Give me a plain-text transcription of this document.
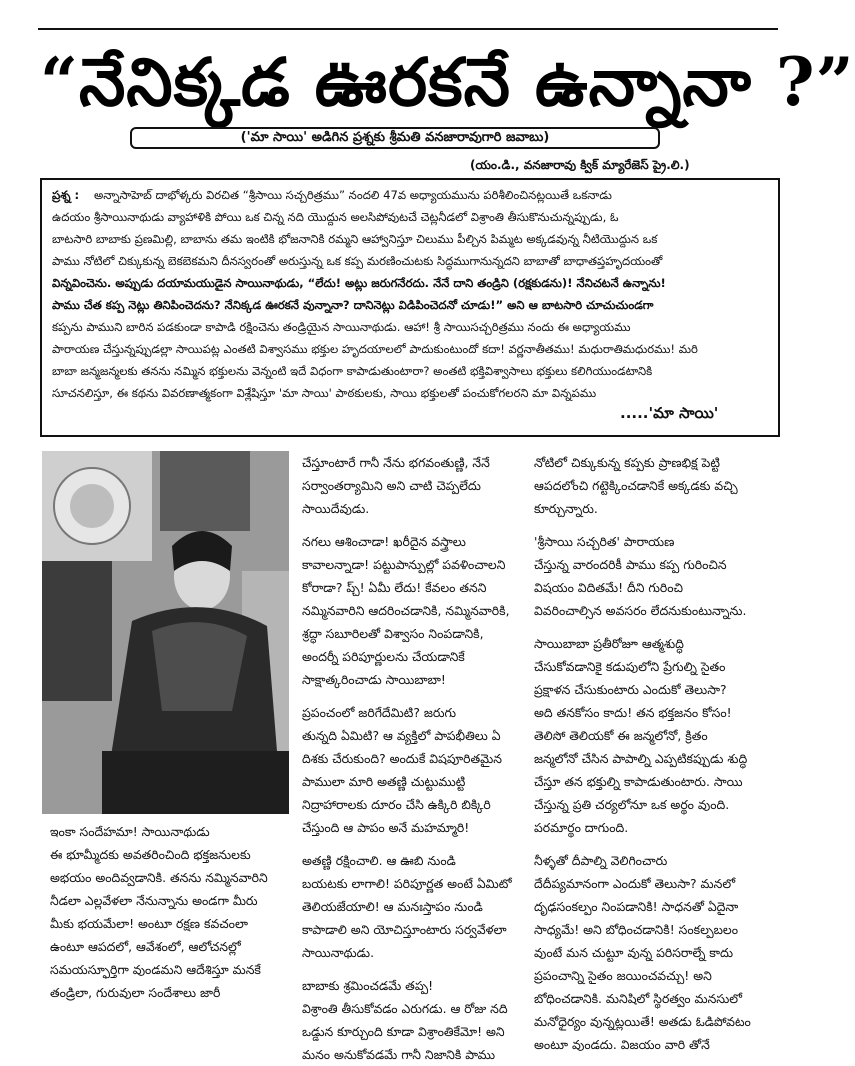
“నేనిక్కడ ఊరకనే ఉన్నానా ?”
('మా సాయి' అడిగిన ప్రశ్నకు శ్రీమతి వనజారావుగారి జవాబు)
(యం.డి., వనజారావు క్విక్ మ్యారేజెస్ ప్రై.లి.)
ప్రశ్న : అన్నాసాహెబ్ దాభోళ్కరు విరచిత “శ్రీసాయి సచ్చరిత్రము” నందలి 47వ అధ్యాయమును పరిశీలించినట్లయితే ఒకనాడు
ఉదయం శ్రీసాయినాథుడు వ్యాహాళికి పోయి ఒక చిన్న నది యొద్దున అలసిపోవుటచే చెట్లనీడలో విశ్రాంతి తీసుకొనుచున్నప్పుడు, ఓ
బాటసారి బాబాకు ప్రణమిల్లి, బాబాను తమ ఇంటికి భోజనానికి రమ్మని ఆహ్వానిస్తూ చిలుము పీల్చిన పిమ్మట అక్కడవున్న నీటియొద్దున ఒక
పాము నోటిలో చిక్కుకున్న బెకబెకమని దీనస్వరంతో అరుస్తున్న ఒక కప్ప మరణించుటకు సిద్ధముగానున్నదని బాబాతో బాధాతప్తహృదయంతో
విన్నవించెను. అప్పుడు దయామయుడైన సాయినాథుడు, “లేదు! అట్లు జరుగనేరదు. నేనే దాని తండ్రిని (రక్షకుడను)! నేనిచటనే ఉన్నాను!
పాము చేత కప్ప నెట్లు తినిపించెదను? నేనిక్కడ ఊరకనే వున్నానా? దానినెట్లు విడిపించెదనో చూడు!” అని ఆ బాటసారి చూచుచుండగా
కప్పను పాముని బారిన పడకుండా కాపాడి రక్షించెను తండ్రియైన సాయినాథుడు. ఆహా! శ్రీ సాయిసచ్చరిత్రము నందు ఈ అధ్యాయము
పారాయణ చేస్తున్నప్పుడల్లా సాయిపట్ల ఎంతటి విశ్వాసము భక్తుల హృదయాలలో పాదుకుంటుందో కదా! వర్ణనాతీతము! మధురాతిమధురము! మరి
బాబా జన్మజన్మలకు తనను నమ్మిన భక్తులను వెన్నంటి ఇదే విధంగా కాపాడుతుంటారా? అంతటి భక్తివిశ్వాసాలు భక్తులు కలిగియుండటానికి
సూచనలిస్తూ, ఈ కథను వివరణాత్మకంగా విశ్లేషిస్తూ 'మా సాయి' పాఠకులకు, సాయి భక్తులతో పంచుకోగలరని మా విన్నపము
.....'మా సాయి'

ఇంకా సందేహమా! సాయినాథుడు

ఈ భూమ్మీదకు అవతరించింది భక్తజనులకు

అభయం అందివ్వడానికి. తనను నమ్మినవారిని

నీడలా ఎల్లవేళలా నేనున్నాను అండగా మీరు

మీకు భయమేలా! అంటూ రక్షణ కవచంలా

ఉంటూ ఆపదలో, ఆవేశంలో, ఆలోచనల్లో

సమయస్ఫూర్తిగా వుండమని ఆదేశిస్తూ మనకే

తండ్రిలా, గురువులా సందేశాలు జారీ

చేస్తూంటారే గానీ నేను భగవంతుణ్ణి, నేనే

సర్వాంతర్యామిని అని చాటి చెప్పలేదు

సాయిదేవుడు.

నగలు ఆశించాడా! ఖరీదైన వస్త్రాలు

కావాలన్నాడా! పట్టుపాన్పుల్లో పవళించాలని

కోరాడా? ప్చ్! ఏమీ లేదు! కేవలం తనని

నమ్మినవారిని ఆదరించడానికి, నమ్మినవారికి,

శ్రద్ధా సబూరిలతో విశ్వాసం నింపడానికి,

అందర్నీ పరిపూర్ణులను చేయడానికే

సాక్షాత్కరించాడు సాయిబాబా!

ప్రపంచంలో జరిగేదేమిటి? జరుగు

తున్నది ఏమిటి? ఆ వ్యక్తిలో పాపభీతిలు ఏ

దిశకు చేరుకుంది? అందుకే విషపూరితమైన

పాములా మారి అతణ్ణి చుట్టుముట్టి

నిద్రాహారాలకు దూరం చేసి ఉక్కిరి బిక్కిరి

చేస్తుంది ఆ పాపం అనే మహమ్మారి!

అతణ్ణి రక్షించాలి. ఆ ఊబి నుండి

బయటకు లాగాలి! పరిపూర్ణత అంటే ఏమిటో

తెలియజేయాలి! ఆ మనఃస్తాపం నుండి

కాపాడాలి అని యోచిస్తూంటారు సర్వవేళలా

సాయినాథుడు.

బాబాకు శ్రమించడమే తప్ప!

విశ్రాంతి తీసుకోవడం ఎరుగడు. ఆ రోజు నది

ఒడ్డున కూర్చుంది కూడా విశ్రాంతికేమో! అని

మనం అనుకోవడమే గానీ నిజానికి పాము

నోటిలో చిక్కుకున్న కప్పకు ప్రాణభిక్ష పెట్టి

ఆపదలోంచి గట్టెక్కించడానికే అక్కడకు వచ్చి

కూర్చున్నారు.

'శ్రీసాయి సచ్చరిత' పారాయణ

చేస్తున్న వారందరికీ పాము కప్ప గురించిన

విషయం విదితమే! దీని గురించి

వివరించాల్సిన అవసరం లేదనుకుంటున్నాను.

సాయిబాబా ప్రతీరోజూ ఆత్మశుద్ధి

చేసుకోవడానికై కడుపులోని ప్రేగుల్ని సైతం

ప్రక్షాళన చేసుకుంటారు ఎందుకో తెలుసా?

అది తనకోసం కాదు! తన భక్తజనం కోసం!

తెలిసో తెలియకో ఈ జన్మలోనో, క్రితం

జన్మలోనో చేసిన పాపాల్ని ఎప్పటికప్పుడు శుద్ధి

చేస్తూ తన భక్తుల్ని కాపాడుతుంటారు. సాయి

చేస్తున్న ప్రతి చర్యలోనూ ఒక అర్థం వుంది.

పరమార్థం దాగుంది.

నీళ్ళతో దీపాల్ని వెలిగించారు

దేదీప్యమానంగా ఎందుకో తెలుసా? మనలో

దృఢసంకల్పం నింపడానికి! సాధనతో ఏదైనా

సాధ్యమే! అని బోధించడానికి! సంకల్పబలం

వుంటే మన చుట్టూ వున్న పరిసరాల్నే కాదు

ప్రపంచాన్ని సైతం జయించవచ్చు! అని

బోధించడానికి. మనిషిలో స్థిరత్వం మనసులో

మనోధైర్యం వున్నట్లయితే! అతడు ఓడిపోవటం

అంటూ వుండదు. విజయం వారి తోనే
